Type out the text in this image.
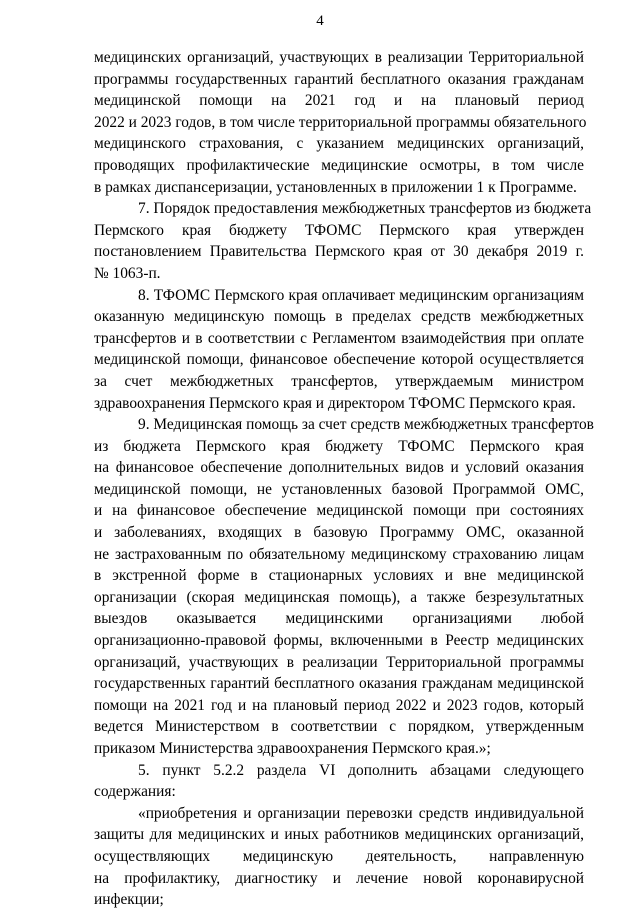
4
медицинских организаций, участвующих в реализации Территориальной
программы государственных гарантий бесплатного оказания гражданам
медицинской помощи на 2021 год и на плановый период
2022 и 2023 годов, в том числе территориальной программы обязательного
медицинского страхования, с указанием медицинских организаций,
проводящих профилактические медицинские осмотры, в том числе
в рамках диспансеризации, установленных в приложении 1 к Программе.
7. Порядок предоставления межбюджетных трансфертов из бюджета
Пермского края бюджету ТФОМС Пермского края утвержден
постановлением Правительства Пермского края от 30 декабря 2019 г.
№ 1063-п.
8. ТФОМС Пермского края оплачивает медицинским организациям
оказанную медицинскую помощь в пределах средств межбюджетных
трансфертов и в соответствии с Регламентом взаимодействия при оплате
медицинской помощи, финансовое обеспечение которой осуществляется
за счет межбюджетных трансфертов, утверждаемым министром
здравоохранения Пермского края и директором ТФОМС Пермского края.
9. Медицинская помощь за счет средств межбюджетных трансфертов
из бюджета Пермского края бюджету ТФОМС Пермского края
на финансовое обеспечение дополнительных видов и условий оказания
медицинской помощи, не установленных базовой Программой ОМС,
и на финансовое обеспечение медицинской помощи при состояниях
и заболеваниях, входящих в базовую Программу ОМС, оказанной
не застрахованным по обязательному медицинскому страхованию лицам
в экстренной форме в стационарных условиях и вне медицинской
организации (скорая медицинская помощь), а также безрезультатных
выездов оказывается медицинскими организациями любой
организационно-правовой формы, включенными в Реестр медицинских
организаций, участвующих в реализации Территориальной программы
государственных гарантий бесплатного оказания гражданам медицинской
помощи на 2021 год и на плановый период 2022 и 2023 годов, который
ведется Министерством в соответствии с порядком, утвержденным
приказом Министерства здравоохранения Пермского края.»;
5. пункт 5.2.2 раздела VI дополнить абзацами следующего
содержания:
«приобретения и организации перевозки средств индивидуальной
защиты для медицинских и иных работников медицинских организаций,
осуществляющих медицинскую деятельность, направленную
на профилактику, диагностику и лечение новой коронавирусной
инфекции;
